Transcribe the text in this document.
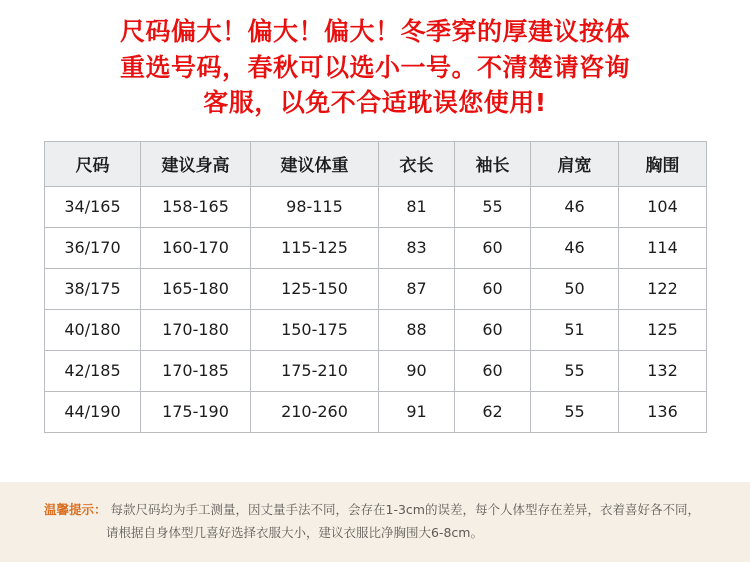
尺码偏大！偏大！偏大！冬季穿的厚建议按体
重选号码，春秋可以选小一号。不清楚请咨询
客服，以免不合适耽误您使用!
尺码	建议身高	建议体重	衣长	袖长	肩宽	胸围
34/165	158-165	98-115	81	55	46	104
36/170	160-170	115-125	83	60	46	114
38/175	165-180	125-150	87	60	50	122
40/180	170-180	150-175	88	60	51	125
42/185	170-185	175-210	90	60	55	132
44/190	175-190	210-260	91	62	55	136
温馨提示： 每款尺码均为手工测量，因丈量手法不同，会存在1-3cm的误差，每个人体型存在差异，衣着喜好各不同，
请根据自身体型几喜好选择衣服大小，建议衣服比净胸围大6-8cm。
